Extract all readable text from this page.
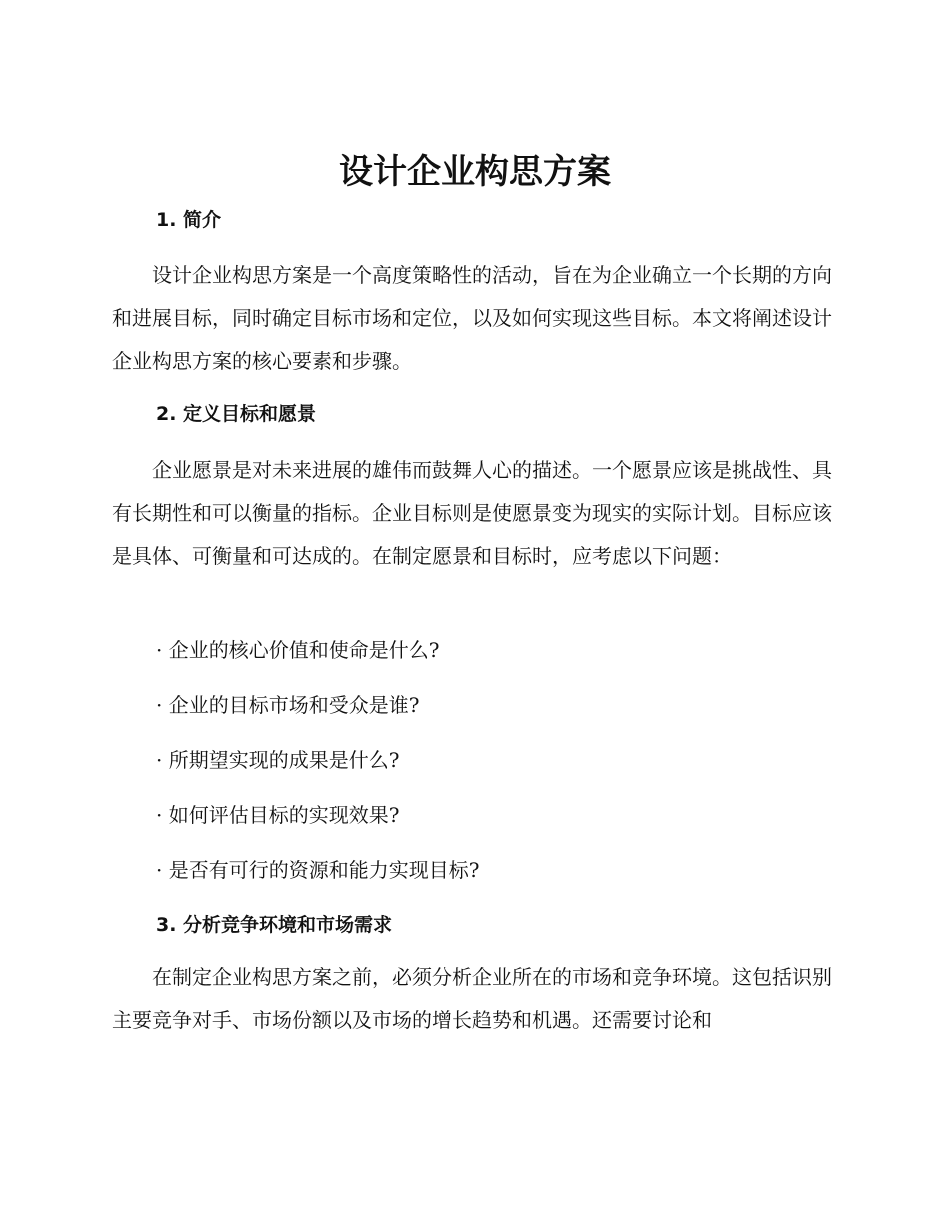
设计企业构思方案
1. 简介

设计企业构思方案是一个高度策略性的活动，旨在为企业确立一个长期的方向和进展目标，同时确定目标市场和定位，以及如何实现这些目标。本文将阐述设计企业构思方案的核心要素和步骤。

2. 定义目标和愿景

企业愿景是对未来进展的雄伟而鼓舞人心的描述。一个愿景应该是挑战性、具有长期性和可以衡量的指标。企业目标则是使愿景变为现实的实际计划。目标应该是具体、可衡量和可达成的。在制定愿景和目标时，应考虑以下问题：

· 企业的核心价值和使命是什么?

· 企业的目标市场和受众是谁?

· 所期望实现的成果是什么?

· 如何评估目标的实现效果?

· 是否有可行的资源和能力实现目标?

3. 分析竞争环境和市场需求

在制定企业构思方案之前，必须分析企业所在的市场和竞争环境。这包括识别主要竞争对手、市场份额以及市场的增长趋势和机遇。还需要讨论和
